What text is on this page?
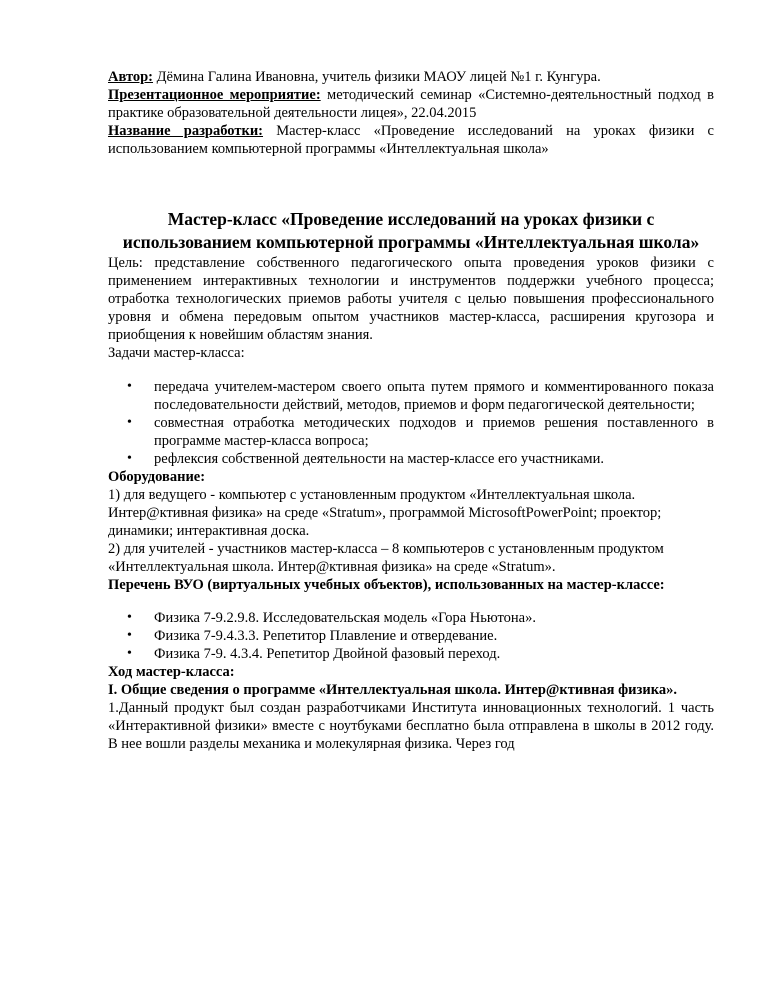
Автор: Дёмина Галина Ивановна, учитель физики МАОУ лицей №1 г. Кунгура.

Презентационное мероприятие: методический семинар «Системно-деятельностный подход в практике образовательной деятельности лицея», 22.04.2015

Название разработки: Мастер-класс «Проведение исследований на уроках физики с использованием компьютерной программы «Интеллектуальная школа»

Мастер-класс «Проведение исследований на уроках физики с использованием компьютерной программы «Интеллектуальная школа»

Цель: представление собственного педагогического опыта проведения уроков физики с применением интерактивных технологии и инструментов поддержки учебного процесса; отработка технологических приемов работы учителя с целью повышения профессионального уровня и обмена передовым опытом участников мастер-класса, расширения кругозора и приобщения к новейшим областям знания.

Задачи мастер-класса:

• передача учителем-мастером своего опыта путем прямого и комментированного показа последовательности действий, методов, приемов и форм педагогической деятельности;
• совместная отработка методических подходов и приемов решения поставленного в программе мастер-класса вопроса;
• рефлексия собственной деятельности на мастер-классе его участниками.

Оборудование:

1) для ведущего - компьютер с установленным продуктом «Интеллектуальная школа. Интер@ктивная физика» на среде «Stratum», программой MicrosoftPowerPoint; проектор; динамики; интерактивная доска.

2) для учителей - участников мастер-класса – 8 компьютеров с установленным продуктом «Интеллектуальная школа. Интер@ктивная физика» на среде «Stratum».

Перечень ВУО (виртуальных учебных объектов), использованных на мастер-классе:

• Физика 7-9.2.9.8. Исследовательская модель «Гора Ньютона».
• Физика 7-9.4.3.3. Репетитор Плавление и отвердевание.
• Физика 7-9. 4.3.4. Репетитор Двойной фазовый переход.

Ход мастер-класса:

I. Общие сведения о программе «Интеллектуальная школа. Интер@ктивная физика».

1.Данный продукт был создан разработчиками Института инновационных технологий. 1 часть «Интерактивной физики» вместе с ноутбуками бесплатно была отправлена в школы в 2012 году. В нее вошли разделы механика и молекулярная физика. Через год
